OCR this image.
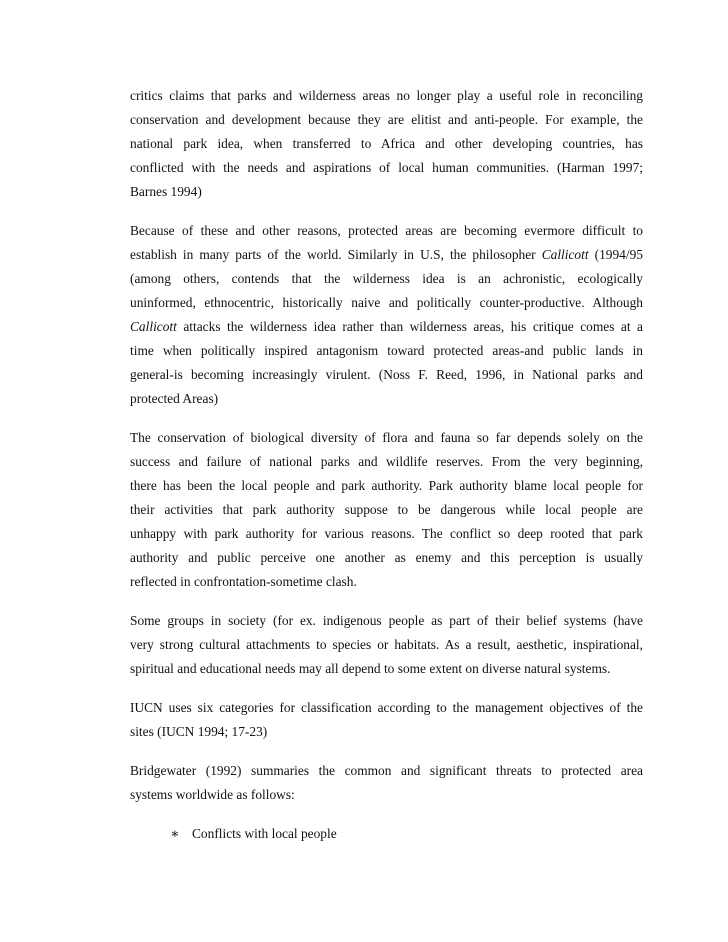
critics claims that parks and wilderness areas no longer play a useful role in reconciling
conservation and development because they are elitist and anti-people. For example, the
national park idea, when transferred to Africa and other developing countries, has
conflicted with the needs and aspirations of local human communities. (Harman 1997;
Barnes 1994)
Because of these and other reasons, protected areas are becoming evermore difficult to
establish in many parts of the world. Similarly in U.S, the philosopher Callicott (1994/95
(among others, contends that the wilderness idea is an achronistic, ecologically
uninformed, ethnocentric, historically naive and politically counter-productive. Although
Callicott attacks the wilderness idea rather than wilderness areas, his critique comes at a
time when politically inspired antagonism toward protected areas-and public lands in
general-is becoming increasingly virulent. (Noss F. Reed, 1996, in National parks and
protected Areas)
The conservation of biological diversity of flora and fauna so far depends solely on the
success and failure of national parks and wildlife reserves. From the very beginning,
there has been the local people and park authority. Park authority blame local people for
their activities that park authority suppose to be dangerous while local people are
unhappy with park authority for various reasons. The conflict so deep rooted that park
authority and public perceive one another as enemy and this perception is usually
reflected in confrontation-sometime clash.
Some groups in society (for ex. indigenous people as part of their belief systems (have
very strong cultural attachments to species or habitats. As a result, aesthetic, inspirational,
spiritual and educational needs may all depend to some extent on diverse natural systems.
IUCN uses six categories for classification according to the management objectives of the
sites (IUCN 1994; 17-23)
Bridgewater (1992) summaries the common and significant threats to protected area
systems worldwide as follows:
∗ Conflicts with local people
